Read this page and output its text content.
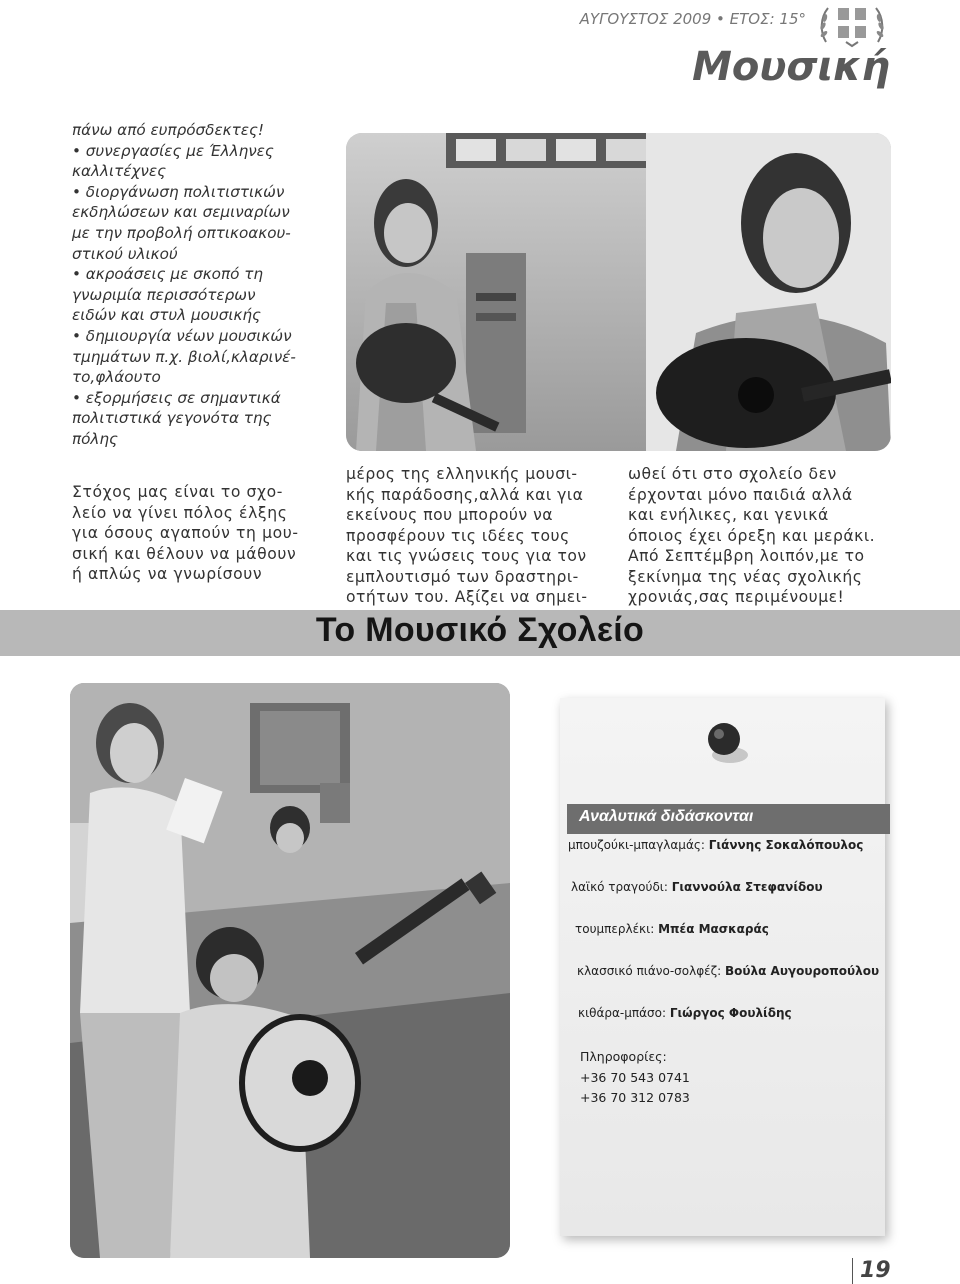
ΑΥΓΟΥΣΤΟΣ 2009 • ΕΤΟΣ: 15°
Μουσική

πάνω από ευπρόσδεκτες!

• συνεργασίες με Έλληνες

καλλιτέχνες

• διοργάνωση πολιτιστικών

εκδηλώσεων και σεμιναρίων

με την προβολή οπτικοακου-

στικού υλικού

• ακροάσεις με σκοπό τη

γνωριμία περισσότερων

ειδών και στυλ μουσικής

• δημιουργία νέων μουσικών

τμημάτων π.χ. βιολί,κλαρινέ-

το,φλάουτο

• εξορμήσεις σε σημαντικά

πολιτιστικά γεγονότα της

πόλης

Στόχος μας είναι το σχο-
λείο να γίνει πόλος έλξης
για όσους αγαπούν τη μου-
σική και θέλουν να μάθουν
ή απλώς να γνωρίσουν
μέρος της ελληνικής μουσι-
κής παράδοσης,αλλά και για
εκείνους που μπορούν να
προσφέρουν τις ιδέες τους
και τις γνώσεις τους για τον
εμπλουτισμό των δραστηρι-
οτήτων του. Αξίζει να σημει-
ωθεί ότι στο σχολείο δεν
έρχονται μόνο παιδιά αλλά
και ενήλικες, και γενικά
όποιος έχει όρεξη και μεράκι.
Από Σεπτέμβρη λοιπόν,με το
ξεκίνημα της νέας σχολικής
χρονιάς,σας περιμένουμε!
Το Μουσικό Σχολείο
Αναλυτικά διδάσκονται
μπουζούκι-μπαγλαμάς: Γιάννης Σοκαλόπουλος
λαϊκό τραγούδι: Γιαννούλα Στεφανίδου
τουμπερλέκι: Μπέα Μασκαράς
κλασσικό πιάνο-σολφέζ: Βούλα Αυγουροπούλου
κιθάρα-μπάσο: Γιώργος Φουλίδης
Πληροφορίες:
+36 70 543 0741
+36 70 312 0783
19
